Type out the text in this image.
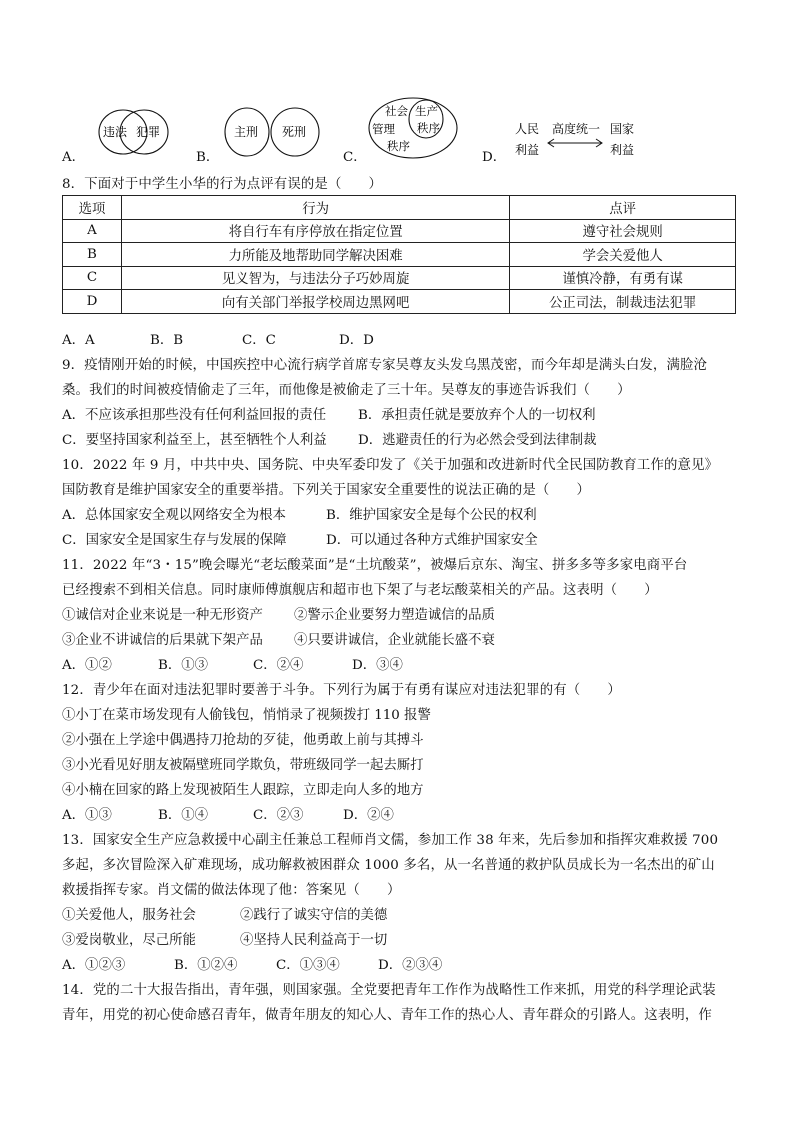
A．
违法 犯罪
B．
主刑 死刑
C．
社会
管理
秩序
生产
秩序
D．
人民
利益
高度统一 国家
利益
8．下面对于中学生小华的行为点评有误的是（　　）
选项	行为	点评
A	将自行车有序停放在指定位置	遵守社会规则
B	力所能及地帮助同学解决困难	学会关爱他人
C	见义智为，与违法分子巧妙周旋	谨慎冷静，有勇有谋
D	向有关部门举报学校周边黑网吧	公正司法，制裁违法犯罪
A．A	B．B	C．C	D．D
9．疫情刚开始的时候，中国疾控中心流行病学首席专家吴尊友头发乌黑茂密，而今年却是满头白发，满脸沧
桑。我们的时间被疫情偷走了三年，而他像是被偷走了三十年。吴尊友的事迹告诉我们（　　）
A．不应该承担那些没有任何利益回报的责任 B．承担责任就是要放弃个人的一切权利
C．要坚持国家利益至上，甚至牺牲个人利益 D．逃避责任的行为必然会受到法律制裁
10．2022 年 9 月，中共中央、国务院、中央军委印发了《关于加强和改进新时代全民国防教育工作的意见》
国防教育是维护国家安全的重要举措。下列关于国家安全重要性的说法正确的是（　　）
A．总体国家安全观以网络安全为根本	B．维护国家安全是每个公民的权利
C．国家安全是国家生存与发展的保障	D．可以通过各种方式维护国家安全
11．2022 年“3・15”晚会曝光“老坛酸菜面”是“土坑酸菜”，被爆后京东、淘宝、拼多多等多家电商平台
已经搜索不到相关信息。同时康师傅旗舰店和超市也下架了与老坛酸菜相关的产品。这表明（　　）
①诚信对企业来说是一种无形资产 ②警示企业要努力塑造诚信的品质
③企业不讲诚信的后果就下架产品 ④只要讲诚信，企业就能长盛不衰
A．①②	B．①③	C．②④	D．③④
12．青少年在面对违法犯罪时要善于斗争。下列行为属于有勇有谋应对违法犯罪的有（　　）
①小丁在菜市场发现有人偷钱包，悄悄录了视频拨打 110 报警
②小强在上学途中偶遇持刀抢劫的歹徒，他勇敢上前与其搏斗
③小光看见好朋友被隔壁班同学欺负，带班级同学一起去厮打
④小楠在回家的路上发现被陌生人跟踪，立即走向人多的地方
A．①③	B．①④	C．②③	D．②④
13．国家安全生产应急救援中心副主任兼总工程师肖文儒，参加工作 38 年来，先后参加和指挥灾难救援 700
多起，多次冒险深入矿难现场，成功解救被困群众 1000 多名，从一名普通的救护队员成长为一名杰出的矿山
救援指挥专家。肖文儒的做法体现了他：答案见（　　）
①关爱他人，服务社会	②践行了诚实守信的美德
③爱岗敬业，尽己所能	④坚持人民利益高于一切
A．①②③	B．①②④	C．①③④	D．②③④
14．党的二十大报告指出，青年强，则国家强。全党要把青年工作作为战略性工作来抓，用党的科学理论武装
青年，用党的初心使命感召青年，做青年朋友的知心人、青年工作的热心人、青年群众的引路人。这表明，作
